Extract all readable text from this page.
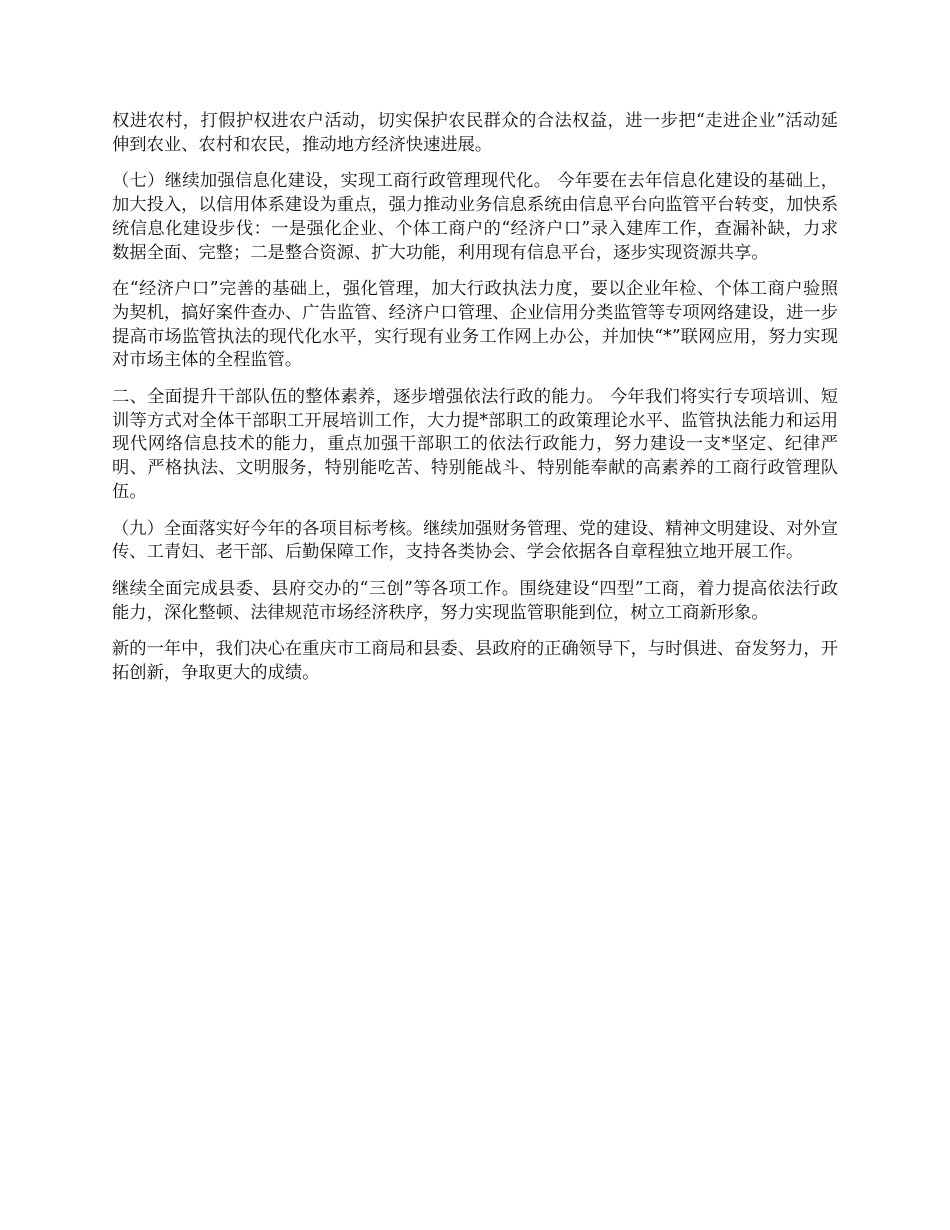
权进农村，打假护权进农户活动，切实保护农民群众的合法权益，进一步把“走进企业”活动延伸到农业、农村和农民，推动地方经济快速进展。

（七）继续加强信息化建设，实现工商行政管理现代化。 今年要在去年信息化建设的基础上，加大投入，以信用体系建设为重点，强力推动业务信息系统由信息平台向监管平台转变，加快系统信息化建设步伐：一是强化企业、个体工商户的“经济户口”录入建库工作，查漏补缺，力求数据全面、完整；二是整合资源、扩大功能，利用现有信息平台，逐步实现资源共享。

在“经济户口”完善的基础上，强化管理，加大行政执法力度，要以企业年检、个体工商户验照为契机，搞好案件查办、广告监管、经济户口管理、企业信用分类监管等专项网络建设，进一步提高市场监管执法的现代化水平，实行现有业务工作网上办公，并加快“*”联网应用，努力实现对市场主体的全程监管。

二、全面提升干部队伍的整体素养，逐步增强依法行政的能力。 今年我们将实行专项培训、短训等方式对全体干部职工开展培训工作，大力提*部职工的政策理论水平、监管执法能力和运用现代网络信息技术的能力，重点加强干部职工的依法行政能力，努力建设一支*坚定、纪律严明、严格执法、文明服务，特别能吃苦、特别能战斗、特别能奉献的高素养的工商行政管理队伍。

（九）全面落实好今年的各项目标考核。继续加强财务管理、党的建设、精神文明建设、对外宣传、工青妇、老干部、后勤保障工作，支持各类协会、学会依据各自章程独立地开展工作。

继续全面完成县委、县府交办的“三创”等各项工作。围绕建设“四型”工商，着力提高依法行政能力，深化整顿、法律规范市场经济秩序，努力实现监管职能到位，树立工商新形象。

新的一年中，我们决心在重庆市工商局和县委、县政府的正确领导下，与时俱进、奋发努力，开拓创新，争取更大的成绩。
